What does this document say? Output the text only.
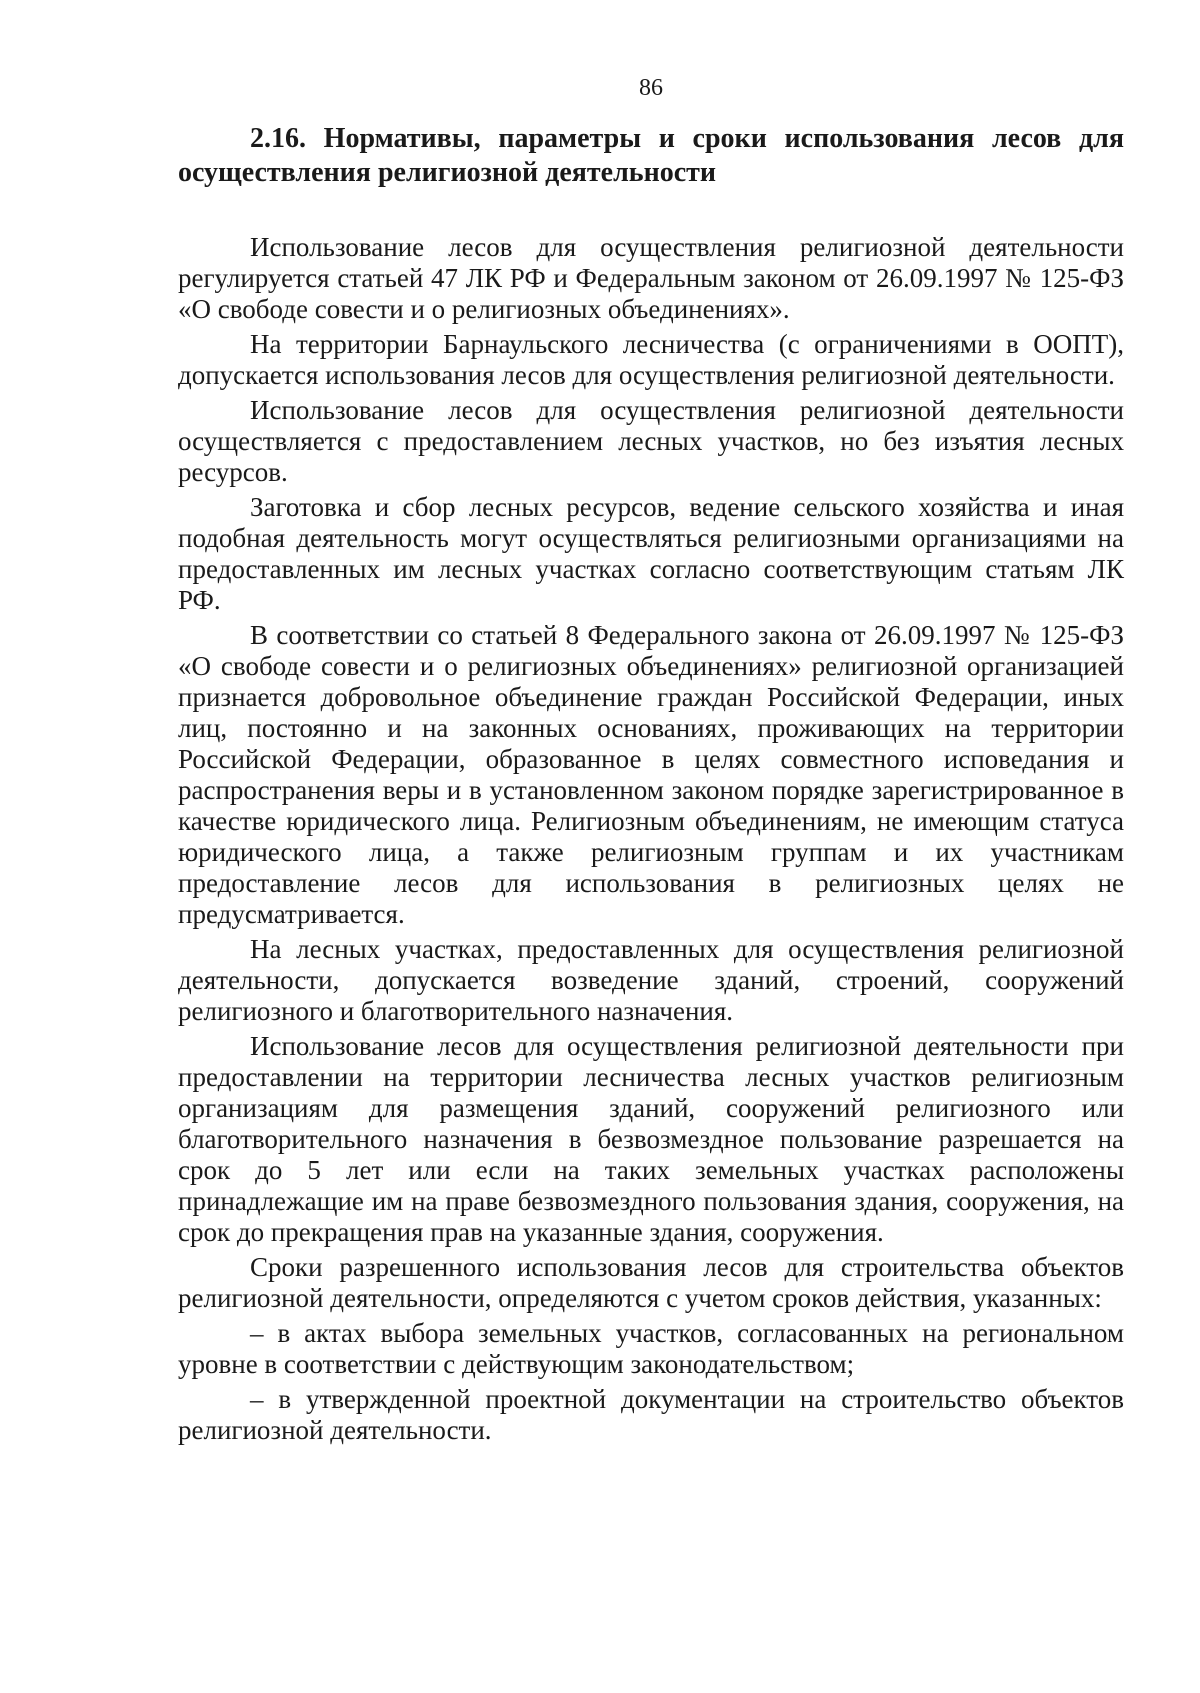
86
2.16. Нормативы, параметры и сроки использования лесов для осуществления религиозной деятельности

Использование лесов для осуществления религиозной деятельности регулируется статьей 47 ЛК РФ и Федеральным законом от 26.09.1997 № 125-ФЗ «О свободе совести и о религиозных объединениях».

На территории Барнаульского лесничества (с ограничениями в ООПТ), допускается использования лесов для осуществления религиозной деятельности.

Использование лесов для осуществления религиозной деятельности осуществляется с предоставлением лесных участков, но без изъятия лесных ресурсов.

Заготовка и сбор лесных ресурсов, ведение сельского хозяйства и иная подобная деятельность могут осуществляться религиозными организациями на предоставленных им лесных участках согласно соответствующим статьям ЛК РФ.

В соответствии со статьей 8 Федерального закона от 26.09.1997 № 125-ФЗ «О свободе совести и о религиозных объединениях» религиозной организацией признается добровольное объединение граждан Российской Федерации, иных лиц, постоянно и на законных основаниях, проживающих на территории Российской Федерации, образованное в целях совместного исповедания и распространения веры и в установленном законом порядке зарегистрированное в качестве юридического лица. Религиозным объединениям, не имеющим статуса юридического лица, а также религиозным группам и их участникам предоставление лесов для использования в религиозных целях не предусматривается.

На лесных участках, предоставленных для осуществления религиозной деятельности, допускается возведение зданий, строений, сооружений религиозного и благотворительного назначения.

Использование лесов для осуществления религиозной деятельности при предоставлении на территории лесничества лесных участков религиозным организациям для размещения зданий, сооружений религиозного или благотворительного назначения в безвозмездное пользование разрешается на срок до 5 лет или если на таких земельных участках расположены принадлежащие им на праве безвозмездного пользования здания, сооружения, на срок до прекращения прав на указанные здания, сооружения.

Сроки разрешенного использования лесов для строительства объектов религиозной деятельности, определяются с учетом сроков действия, указанных:

– в актах выбора земельных участков, согласованных на региональном уровне в соответствии с действующим законодательством;

– в утвержденной проектной документации на строительство объектов религиозной деятельности.
